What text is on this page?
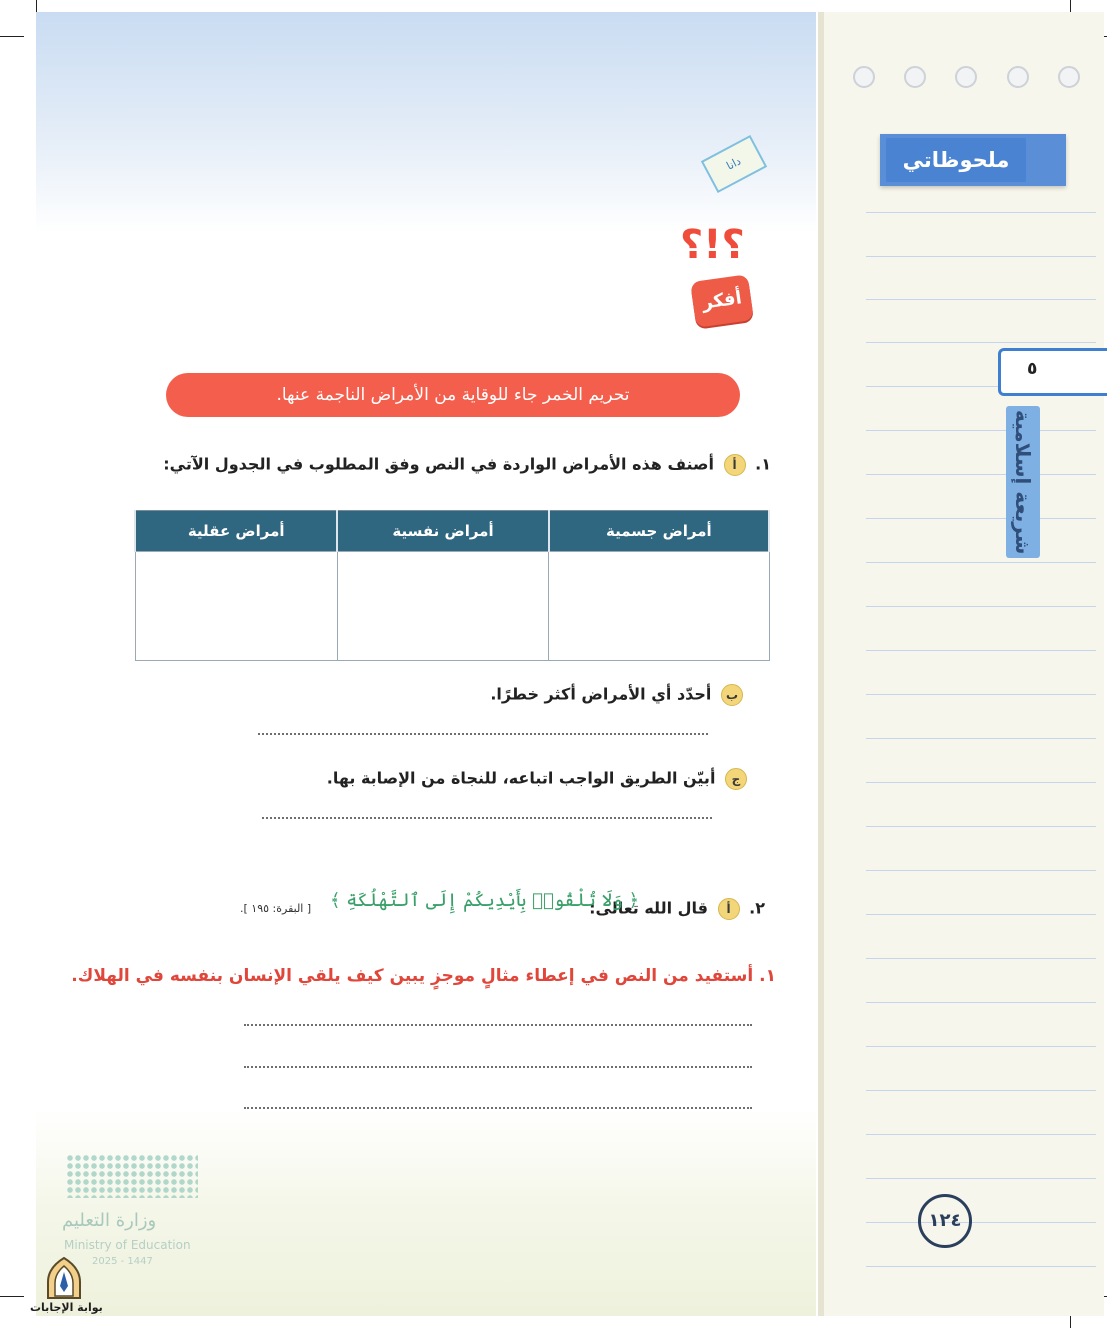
ملحوظاتي
٥
شريعة إسلامية
دانا
؟!؟
أفكر
تحريم الخمر جاء للوقاية من الأمراض الناجمة عنها.
١. أ أصنف هذه الأمراض الواردة في النص وفق المطلوب في الجدول الآتي:
أمراض جسمية	أمراض نفسية	أمراض عقلية

ب أحدّد أي الأمراض أكثر خطرًا.
ج أبيّن الطريق الواجب اتباعه، للنجاة من الإصابة بها.
٢. أ قال الله تعالى:
﴿ وَلَا تُلْقُوا۟ بِأَيْدِيكُمْ إِلَى ٱلتَّهْلُكَةِ ﴾
[ البقرة: ١٩٥ ].
١. أستفيد من النص في إعطاء مثالٍ موجزٍ يبين كيف يلقي الإنسان بنفسه في الهلاك.
وزارة التعليم
Ministry of Education
2025 - 1447
بوابة الإجابات
١٢٤
